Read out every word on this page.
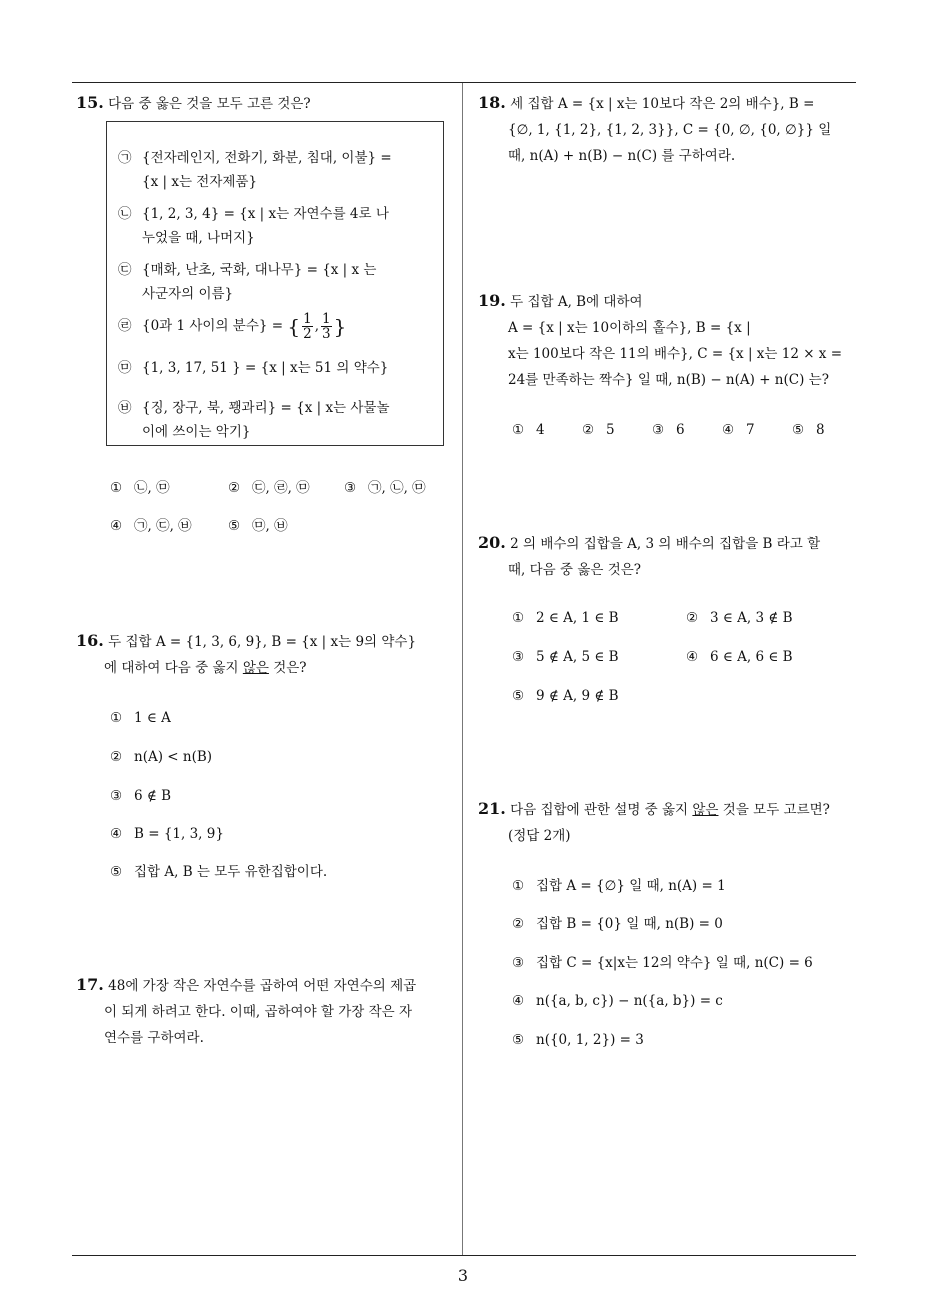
3
15. 다음 중 옳은 것을 모두 고른 것은?
㉠ {전자레인지, 전화기, 화분, 침대, 이불} =
{x | x는 전자제품}
㉡ {1, 2, 3, 4} = {x | x는 자연수를 4로 나
누었을 때, 나머지}
㉢ {매화, 난초, 국화, 대나무} = {x | x 는
사군자의 이름}
㉣ {0과 1 사이의 분수} = { $\frac{1}{2}$ , $\frac{1}{3}$ }
㉤ {1, 3, 17, 51 } = {x | x는 51 의 약수}
㉥ {징, 장구, 북, 꽹과리} = {x | x는 사물놀
이에 쓰이는 악기}
① ㉡, ㉤	② ㉢, ㉣, ㉤	③ ㉠, ㉡, ㉤
④ ㉠, ㉢, ㉥	⑤ ㉤, ㉥
16. 두 집합 A = {1, 3, 6, 9}, B = {x | x는 9의 약수}
에 대하여 다음 중 옳지 않은 것은?
① 1 ∈ A
② n(A) < n(B)
③ 6 ∉ B
④ B = {1, 3, 9}
⑤ 집합 A, B 는 모두 유한집합이다.
17. 48에 가장 작은 자연수를 곱하여 어떤 자연수의 제곱
이 되게 하려고 한다. 이때, 곱하여야 할 가장 작은 자
연수를 구하여라.
18. 세 집합 A = {x | x는 10보다 작은 2의 배수}, B =
{∅, 1, {1, 2}, {1, 2, 3}}, C = {0, ∅, {0, ∅}} 일
때, n(A) + n(B) − n(C) 를 구하여라.
19. 두 집합 A, B에 대하여
A = {x | x는 10이하의 홀수}, B = {x |
x는 100보다 작은 11의 배수}, C = {x | x는 12 × x =
24를 만족하는 짝수} 일 때, n(B) − n(A) + n(C) 는?
① 4	② 5	③ 6	④ 7	⑤ 8
20. 2 의 배수의 집합을 A, 3 의 배수의 집합을 B 라고 할
때, 다음 중 옳은 것은?
① 2 ∈ A, 1 ∈ B	② 3 ∈ A, 3 ∉ B
③ 5 ∉ A, 5 ∈ B	④ 6 ∈ A, 6 ∈ B
⑤ 9 ∉ A, 9 ∉ B
21. 다음 집합에 관한 설명 중 옳지 않은 것을 모두 고르면?
(정답 2개)
① 집합 A = {∅} 일 때, n(A) = 1
② 집합 B = {0} 일 때, n(B) = 0
③ 집합 C = {x|x는 12의 약수} 일 때, n(C) = 6
④ n({a, b, c}) − n({a, b}) = c
⑤ n({0, 1, 2}) = 3
